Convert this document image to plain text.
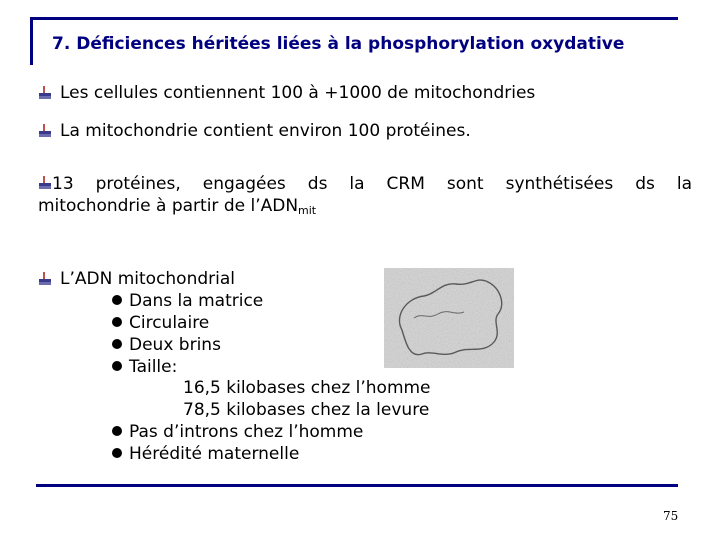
7. Déficiences héritées liées à la phosphorylation oxydative
Les cellules contiennent 100 à +1000 de mitochondries
La mitochondrie contient environ 100 protéines.
13 protéines, engagées ds la CRM sont synthétisées ds la
mitochondrie à partir de $l’ADN_{mit}$
L’ADN mitochondrial
Dans la matrice
Circulaire
Deux brins
Taille:
16,5 kilobases chez l’homme
78,5 kilobases chez la levure
Pas d’introns chez l’homme
Hérédité maternelle
75
